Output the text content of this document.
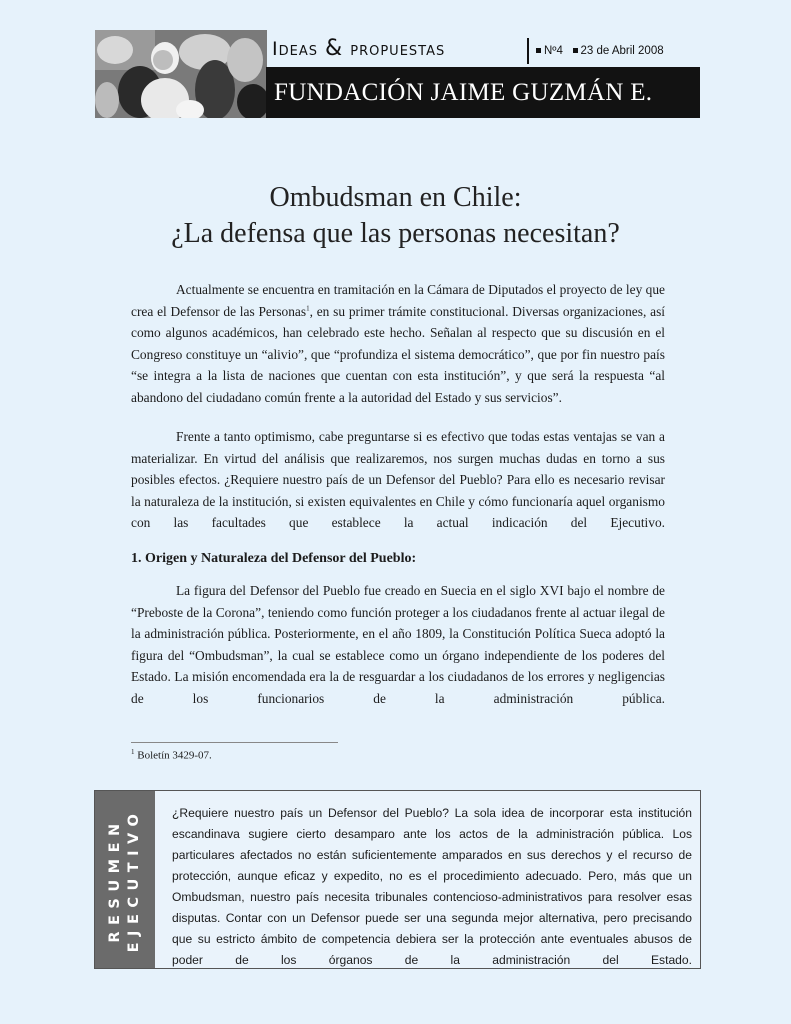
Ideas & propuestas	Nº4 23 de Abril 2008
FUNDACIÓN JAIME GUZMÁN E.
Ombudsman en Chile:
¿La defensa que las personas necesitan?

Actualmente se encuentra en tramitación en la Cámara de Diputados el proyecto de ley que crea el Defensor de las Personas$^1$, en su primer trámite constitucional. Diversas organizaciones, así como algunos académicos, han celebrado este hecho. Señalan al respecto que su discusión en el Congreso constituye un “alivio”, que “profundiza el sistema democrático”, que por fin nuestro país “se integra a la lista de naciones que cuentan con esta institución”, y que será la respuesta “al abandono del ciudadano común frente a la autoridad del Estado y sus servicios”.

Frente a tanto optimismo, cabe preguntarse si es efectivo que todas estas ventajas se van a materializar. En virtud del análisis que realizaremos, nos surgen muchas dudas en torno a sus posibles efectos. ¿Requiere nuestro país de un Defensor del Pueblo? Para ello es necesario revisar la naturaleza de la institución, si existen equivalentes en Chile y cómo funcionaría aquel organismo con las facultades que establece la actual indicación del Ejecutivo.

1. Origen y Naturaleza del Defensor del Pueblo:

La figura del Defensor del Pueblo fue creado en Suecia en el siglo XVI bajo el nombre de “Preboste de la Corona”, teniendo como función proteger a los ciudadanos frente al actuar ilegal de la administración pública. Posteriormente, en el año 1809, la Constitución Política Sueca adoptó la figura del “Ombudsman”, la cual se establece como un órgano independiente de los poderes del Estado. La misión encomendada era la de resguardar a los ciudadanos de los errores y negligencias de los funcionarios de la administración pública.

$^1$ Boletín 3429-07.
RESUMEN EJECUTIVO ¿Requiere nuestro país un Defensor del Pueblo? La sola idea de incorporar esta institución escandinava sugiere cierto desamparo ante los actos de la administración pública. Los particulares afectados no están suficientemente amparados en sus derechos y el recurso de protección, aunque eficaz y expedito, no es el procedimiento adecuado. Pero, más que un Ombudsman, nuestro país necesita tribunales contencioso-administrativos para resolver esas disputas. Contar con un Defensor puede ser una segunda mejor alternativa, pero precisando que su estricto ámbito de competencia debiera ser la protección ante eventuales abusos de poder de los órganos de la administración del Estado.
